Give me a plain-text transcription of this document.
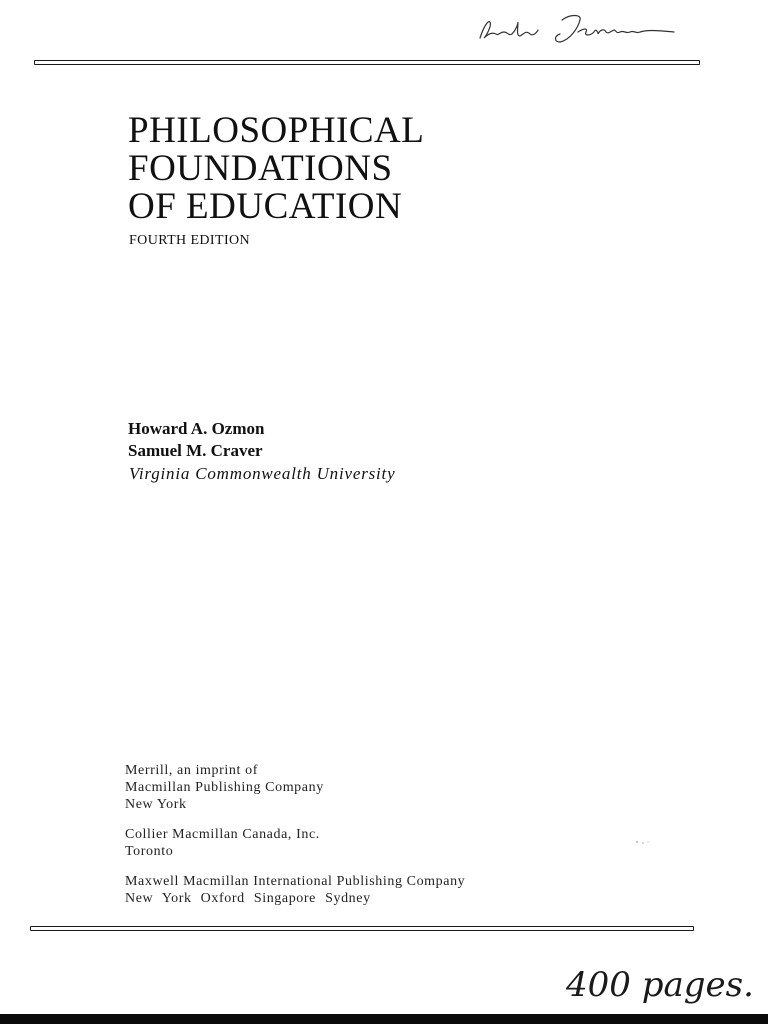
PHILOSOPHICAL
FOUNDATIONS
OF EDUCATION
FOURTH EDITION
Howard A. Ozmon
Samuel M. Craver
Virginia Commonwealth University
Merrill, an imprint of
Macmillan Publishing Company
New York
Collier Macmillan Canada, Inc.
Toronto
Maxwell Macmillan International Publishing Company
New York Oxford Singapore Sydney
400 pages.
